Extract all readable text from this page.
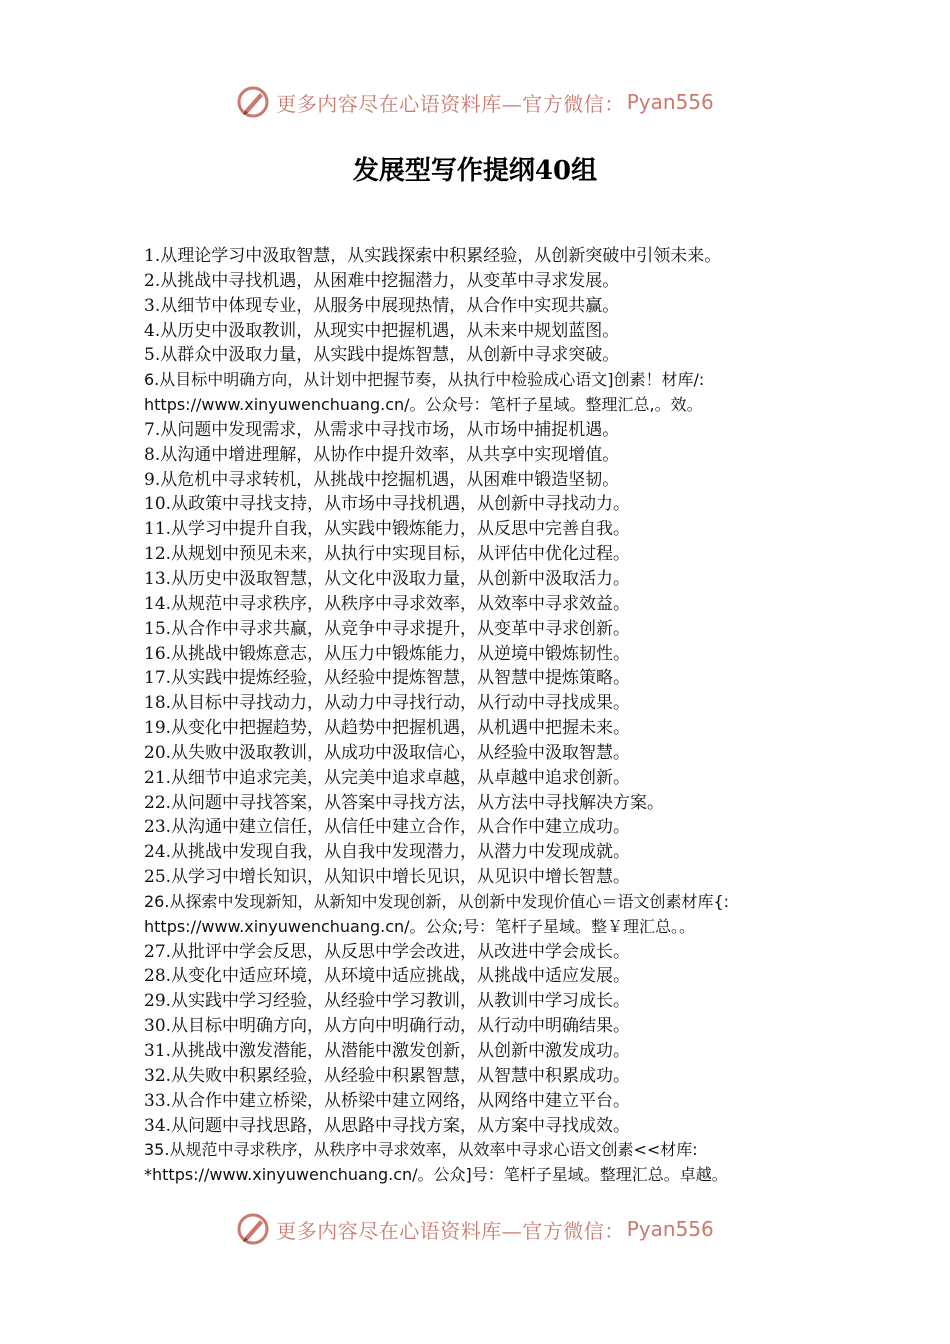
更多内容尽在心语资料库—官方微信： Pyan556
发展型写作提纲40组
1.从理论学习中汲取智慧，从实践探索中积累经验，从创新突破中引领未来。
2.从挑战中寻找机遇，从困难中挖掘潜力，从变革中寻求发展。
3.从细节中体现专业，从服务中展现热情，从合作中实现共赢。
4.从历史中汲取教训，从现实中把握机遇，从未来中规划蓝图。
5.从群众中汲取力量，从实践中提炼智慧，从创新中寻求突破。
6.从目标中明确方向，从计划中把握节奏，从执行中检验成心语文]创素！材库/:
https://www.xinyuwenchuang.cn/。公众号：笔杆子星域。整理汇总,。效。
7.从问题中发现需求，从需求中寻找市场，从市场中捕捉机遇。
8.从沟通中增进理解，从协作中提升效率，从共享中实现增值。
9.从危机中寻求转机，从挑战中挖掘机遇，从困难中锻造坚韧。
10.从政策中寻找支持，从市场中寻找机遇，从创新中寻找动力。
11.从学习中提升自我，从实践中锻炼能力，从反思中完善自我。
12.从规划中预见未来，从执行中实现目标，从评估中优化过程。
13.从历史中汲取智慧，从文化中汲取力量，从创新中汲取活力。
14.从规范中寻求秩序，从秩序中寻求效率，从效率中寻求效益。
15.从合作中寻求共赢，从竞争中寻求提升，从变革中寻求创新。
16.从挑战中锻炼意志，从压力中锻炼能力，从逆境中锻炼韧性。
17.从实践中提炼经验，从经验中提炼智慧，从智慧中提炼策略。
18.从目标中寻找动力，从动力中寻找行动，从行动中寻找成果。
19.从变化中把握趋势，从趋势中把握机遇，从机遇中把握未来。
20.从失败中汲取教训，从成功中汲取信心，从经验中汲取智慧。
21.从细节中追求完美，从完美中追求卓越，从卓越中追求创新。
22.从问题中寻找答案，从答案中寻找方法，从方法中寻找解决方案。
23.从沟通中建立信任，从信任中建立合作，从合作中建立成功。
24.从挑战中发现自我，从自我中发现潜力，从潜力中发现成就。
25.从学习中增长知识，从知识中增长见识，从见识中增长智慧。
26.从探索中发现新知，从新知中发现创新，从创新中发现价值心＝语文创素材库{:
https://www.xinyuwenchuang.cn/。公众;号：笔杆子星域。整￥理汇总。。
27.从批评中学会反思，从反思中学会改进，从改进中学会成长。
28.从变化中适应环境，从环境中适应挑战，从挑战中适应发展。
29.从实践中学习经验，从经验中学习教训，从教训中学习成长。
30.从目标中明确方向，从方向中明确行动，从行动中明确结果。
31.从挑战中激发潜能，从潜能中激发创新，从创新中激发成功。
32.从失败中积累经验，从经验中积累智慧，从智慧中积累成功。
33.从合作中建立桥梁，从桥梁中建立网络，从网络中建立平台。
34.从问题中寻找思路，从思路中寻找方案，从方案中寻找成效。
35.从规范中寻求秩序，从秩序中寻求效率，从效率中寻求心语文创素<<材库:
*https://www.xinyuwenchuang.cn/。公众]号：笔杆子星域。整理汇总。卓越。
更多内容尽在心语资料库—官方微信： Pyan556
